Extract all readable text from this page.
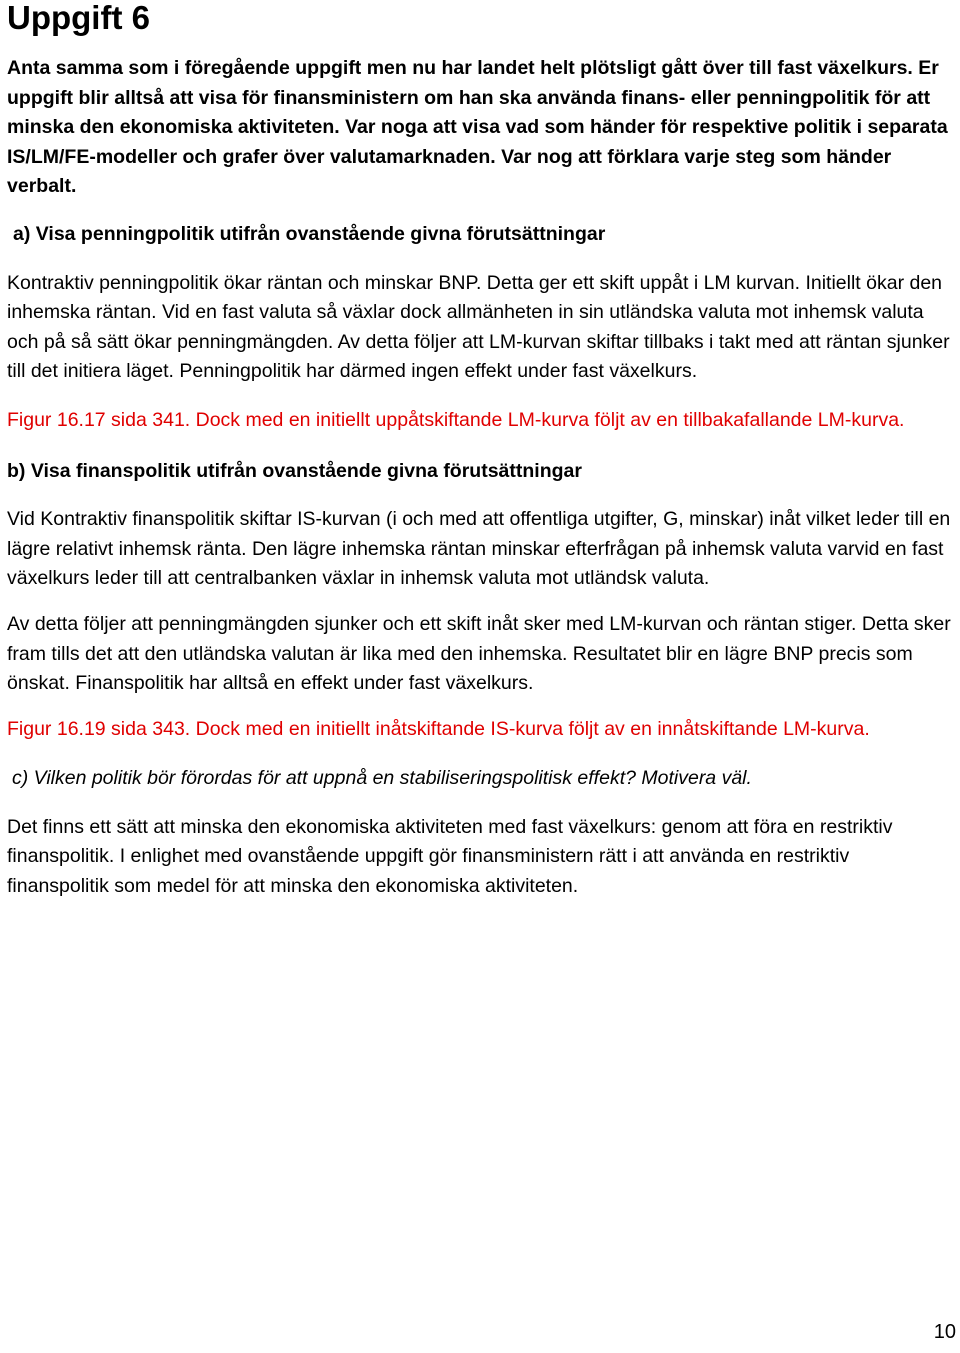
Uppgift 6

Anta samma som i föregående uppgift men nu har landet helt plötsligt gått över till fast växelkurs. Er uppgift blir alltså att visa för finansministern om han ska använda finans- eller penningpolitik för att minska den ekonomiska aktiviteten. Var noga att visa vad som händer för respektive politik i separata IS/LM/FE-modeller och grafer över valutamarknaden. Var nog att förklara varje steg som händer verbalt.

a) Visa penningpolitik utifrån ovanstående givna förutsättningar

Kontraktiv penningpolitik ökar räntan och minskar BNP. Detta ger ett skift uppåt i LM kurvan. Initiellt ökar den inhemska räntan. Vid en fast valuta så växlar dock allmänheten in sin utländska valuta mot inhemsk valuta och på så sätt ökar penningmängden. Av detta följer att LM-kurvan skiftar tillbaks i takt med att räntan sjunker till det initiera läget. Penningpolitik har därmed ingen effekt under fast växelkurs.

Figur 16.17 sida 341. Dock med en initiellt uppåtskiftande LM-kurva följt av en tillbakafallande LM-kurva.

b) Visa finanspolitik utifrån ovanstående givna förutsättningar

Vid Kontraktiv finanspolitik skiftar IS-kurvan (i och med att offentliga utgifter, G, minskar) inåt vilket leder till en lägre relativt inhemsk ränta. Den lägre inhemska räntan minskar efterfrågan på inhemsk valuta varvid en fast växelkurs leder till att centralbanken växlar in inhemsk valuta mot utländsk valuta.

Av detta följer att penningmängden sjunker och ett skift inåt sker med LM-kurvan och räntan stiger. Detta sker fram tills det att den utländska valutan är lika med den inhemska. Resultatet blir en lägre BNP precis som önskat. Finanspolitik har alltså en effekt under fast växelkurs.

Figur 16.19 sida 343. Dock med en initiellt inåtskiftande IS-kurva följt av en innåtskiftande LM-kurva.

c) Vilken politik bör förordas för att uppnå en stabiliseringspolitisk effekt? Motivera väl.

Det finns ett sätt att minska den ekonomiska aktiviteten med fast växelkurs: genom att föra en restriktiv finanspolitik. I enlighet med ovanstående uppgift gör finansministern rätt i att använda en restriktiv finanspolitik som medel för att minska den ekonomiska aktiviteten.

10
